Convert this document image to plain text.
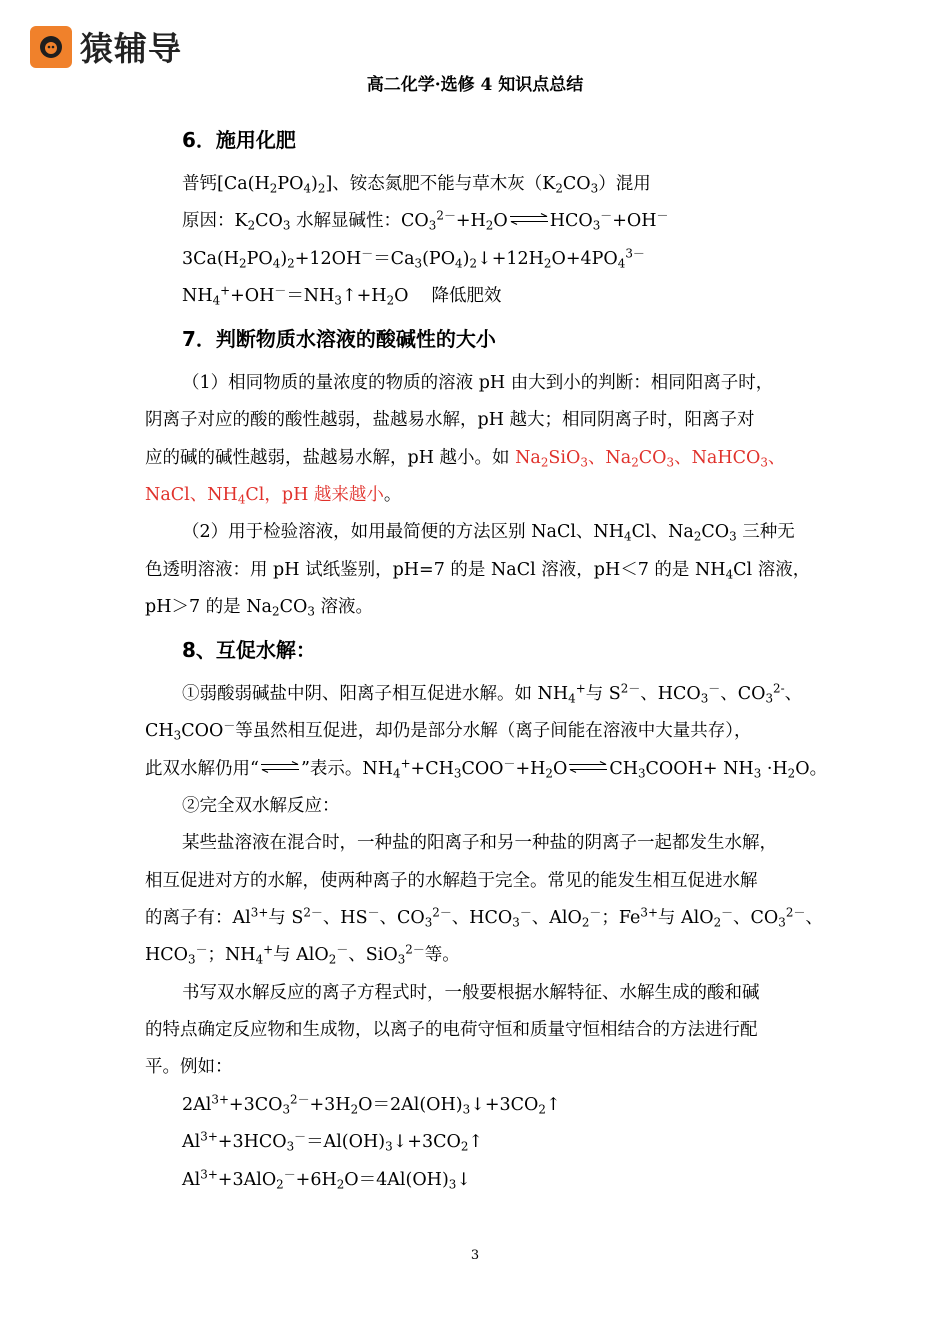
猿辅导
高二化学·选修 4 知识点总结
6．施用化肥
普钙$[Ca(H_2PO_4)_2]$、铵态氮肥不能与草木灰$(K_2CO_3)$混用
原因：$K_2CO_3$ 水解显碱性：$CO_3^{2-}+H_2O\rightleftharpoons HCO_3^-+OH^-$
$3Ca(H_2PO_4)_2+12OH^-=Ca_3(PO_4)_2↓+12H_2O+4PO_4^{3-}$
$NH_4^++OH^-=NH_3↑+H_2O$　 降低肥效
7．判断物质水溶液的酸碱性的大小
（1）相同物质的量浓度的物质的溶液 pH 由大到小的判断：相同阳离子时，
阴离子对应的酸的酸性越弱，盐越易水解，pH 越大；相同阴离子时，阳离子对
应的碱的碱性越弱，盐越易水解，pH 越小。如 $Na_2SiO_3$、$Na_2CO_3$、NaHCO$_3$、
NaCl、$NH_4Cl$，pH 越来越小。
（2）用于检验溶液，如用最简便的方法区别 NaCl、$NH_4Cl$、$Na_2CO_3$ 三种无
色透明溶液：用 pH 试纸鉴别，pH=7 的是 NaCl 溶液，pH＜7 的是 $NH_4Cl$ 溶液，
pH＞7 的是 $Na_2CO_3$ 溶液。
8、互促水解：
①弱酸弱碱盐中阴、阳离子相互促进水解。如 $NH_4^+$与 $S^{2-}$、$HCO_3^-$、$CO_3^{2-}$、
$CH_3COO^-$等虽然相互促进，却仍是部分水解（离子间能在溶液中大量共存），
此双水解仍用“⇌”表示。$NH_4^++CH_3COO^-+H_2O\rightleftharpoons CH_3COOH+ NH_3 \cdot H_2O$。
②完全双水解反应：
某些盐溶液在混合时，一种盐的阳离子和另一种盐的阴离子一起都发生水解，
相互促进对方的水解，使两种离子的水解趋于完全。常见的能发生相互促进水解
的离子有：$Al^{3+}$与 $S^{2-}$、HS－、$CO_3^{2-}$、$HCO_3^-$、AlO$_2$－；$Fe^{3+}$与 AlO$_2$－、$CO_3^{2-}$、
$HCO_3^-$；$NH_4^+$与 AlO$_2$－、SiO$_3^{2-}$等。
书写双水解反应的离子方程式时，一般要根据水解特征、水解生成的酸和碱
的特点确定反应物和生成物，以离子的电荷守恒和质量守恒相结合的方法进行配
平。例如：
$2Al^{3+}+3CO_3^{2-}+3H_2O=2Al(OH)_3↓+3CO_2↑$
$Al^{3+}+3HCO_3^-=Al(OH)_3↓+3CO_2↑$
$Al^{3+}+3AlO_2^-+6H_2O=4Al(OH)_3↓$
3
